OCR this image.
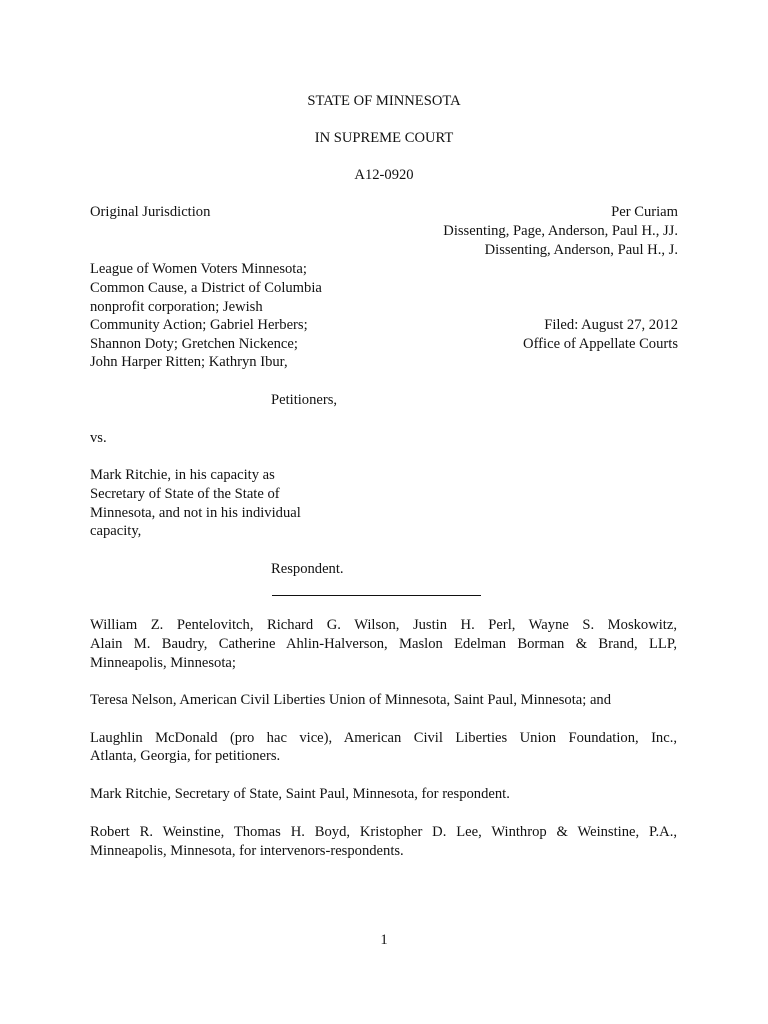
STATE OF MINNESOTA
IN SUPREME COURT
A12-0920
Original Jurisdiction	Per Curiam
Dissenting, Page, Anderson, Paul H., JJ.
Dissenting, Anderson, Paul H., J.
League of Women Voters Minnesota;
Common Cause, a District of Columbia
nonprofit corporation; Jewish
Community Action; Gabriel Herbers;
Shannon Doty; Gretchen Nickence;
John Harper Ritten; Kathryn Ibur,
Petitioners,
Filed: August 27, 2012
Office of Appellate Courts
vs.
Mark Ritchie, in his capacity as
Secretary of State of the State of
Minnesota, and not in his individual
capacity,
Respondent.
William Z. Pentelovitch, Richard G. Wilson, Justin H. Perl, Wayne S. Moskowitz,
Alain M. Baudry, Catherine Ahlin-Halverson, Maslon Edelman Borman & Brand, LLP,
Minneapolis, Minnesota;
Teresa Nelson, American Civil Liberties Union of Minnesota, Saint Paul, Minnesota; and
Laughlin McDonald (pro hac vice), American Civil Liberties Union Foundation, Inc.,
Atlanta, Georgia, for petitioners.
Mark Ritchie, Secretary of State, Saint Paul, Minnesota, for respondent.
Robert R. Weinstine, Thomas H. Boyd, Kristopher D. Lee, Winthrop & Weinstine, P.A.,
Minneapolis, Minnesota, for intervenors-respondents.
1
